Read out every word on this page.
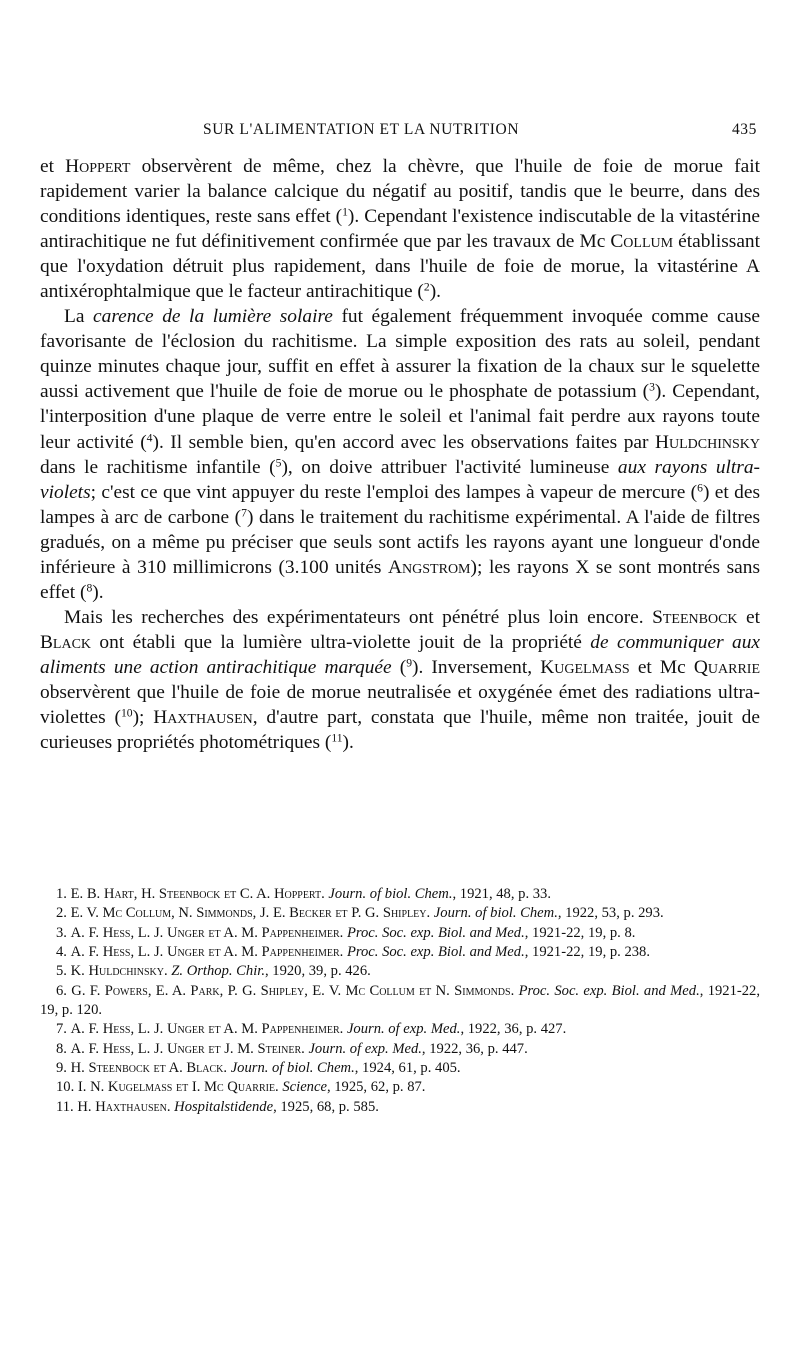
SUR L'ALIMENTATION ET LA NUTRITION	435

et Hoppert observèrent de même, chez la chèvre, que l'huile de foie de morue fait rapidement varier la balance calcique du négatif au positif, tandis que le beurre, dans des conditions identiques, reste sans effet ($^1$). Cependant l'existence indiscutable de la vitastérine antirachitique ne fut définitivement confirmée que par les travaux de Mc Collum établissant que l'oxydation détruit plus rapidement, dans l'huile de foie de morue, la vitastérine A antixérophtalmique que le facteur antirachitique ($^2$).

La carence de la lumière solaire fut également fréquemment invoquée comme cause favorisante de l'éclosion du rachitisme. La simple exposition des rats au soleil, pendant quinze minutes chaque jour, suffit en effet à assurer la fixation de la chaux sur le squelette aussi activement que l'huile de foie de morue ou le phosphate de potassium ($^3$). Cependant, l'interposition d'une plaque de verre entre le soleil et l'animal fait perdre aux rayons toute leur activité ($^4$). Il semble bien, qu'en accord avec les observations faites par Huldchinsky dans le rachitisme infantile ($^5$), on doive attribuer l'activité lumineuse aux rayons ultra-violets; c'est ce que vint appuyer du reste l'emploi des lampes à vapeur de mercure ($^6$) et des lampes à arc de carbone ($^7$) dans le traitement du rachitisme expérimental. A l'aide de filtres gradués, on a même pu préciser que seuls sont actifs les rayons ayant une longueur d'onde inférieure à 310 millimicrons (3.100 unités Angstrom); les rayons X se sont montrés sans effet ($^8$).

Mais les recherches des expérimentateurs ont pénétré plus loin encore. Steenbock et Black ont établi que la lumière ultra-violette jouit de la propriété de communiquer aux aliments une action antirachitique marquée ($^9$). Inversement, Kugelmass et Mc Quarrie observèrent que l'huile de foie de morue neutralisée et oxygénée émet des radiations ultra-violettes ($^{10}$); Haxthausen, d'autre part, constata que l'huile, même non traitée, jouit de curieuses propriétés photométriques ($^{11}$).

1. E. B. Hart, H. Steenbock et C. A. Hoppert. Journ. of biol. Chem., 1921, 48, p. 33.

2. E. V. Mc Collum, N. Simmonds, J. E. Becker et P. G. Shipley. Journ. of biol. Chem., 1922, 53, p. 293.

3. A. F. Hess, L. J. Unger et A. M. Pappenheimer. Proc. Soc. exp. Biol. and Med., 1921-22, 19, p. 8.

4. A. F. Hess, L. J. Unger et A. M. Pappenheimer. Proc. Soc. exp. Biol. and Med., 1921-22, 19, p. 238.

5. K. Huldchinsky. Z. Orthop. Chir., 1920, 39, p. 426.

6. G. F. Powers, E. A. Park, P. G. Shipley, E. V. Mc Collum et N. Simmonds. Proc. Soc. exp. Biol. and Med., 1921-22, 19, p. 120.

7. A. F. Hess, L. J. Unger et A. M. Pappenheimer. Journ. of exp. Med., 1922, 36, p. 427.

8. A. F. Hess, L. J. Unger et J. M. Steiner. Journ. of exp. Med., 1922, 36, p. 447.

9. H. Steenbock et A. Black. Journ. of biol. Chem., 1924, 61, p. 405.

10. I. N. Kugelmass et I. Mc Quarrie. Science, 1925, 62, p. 87.

11. H. Haxthausen. Hospitalstidende, 1925, 68, p. 585.
